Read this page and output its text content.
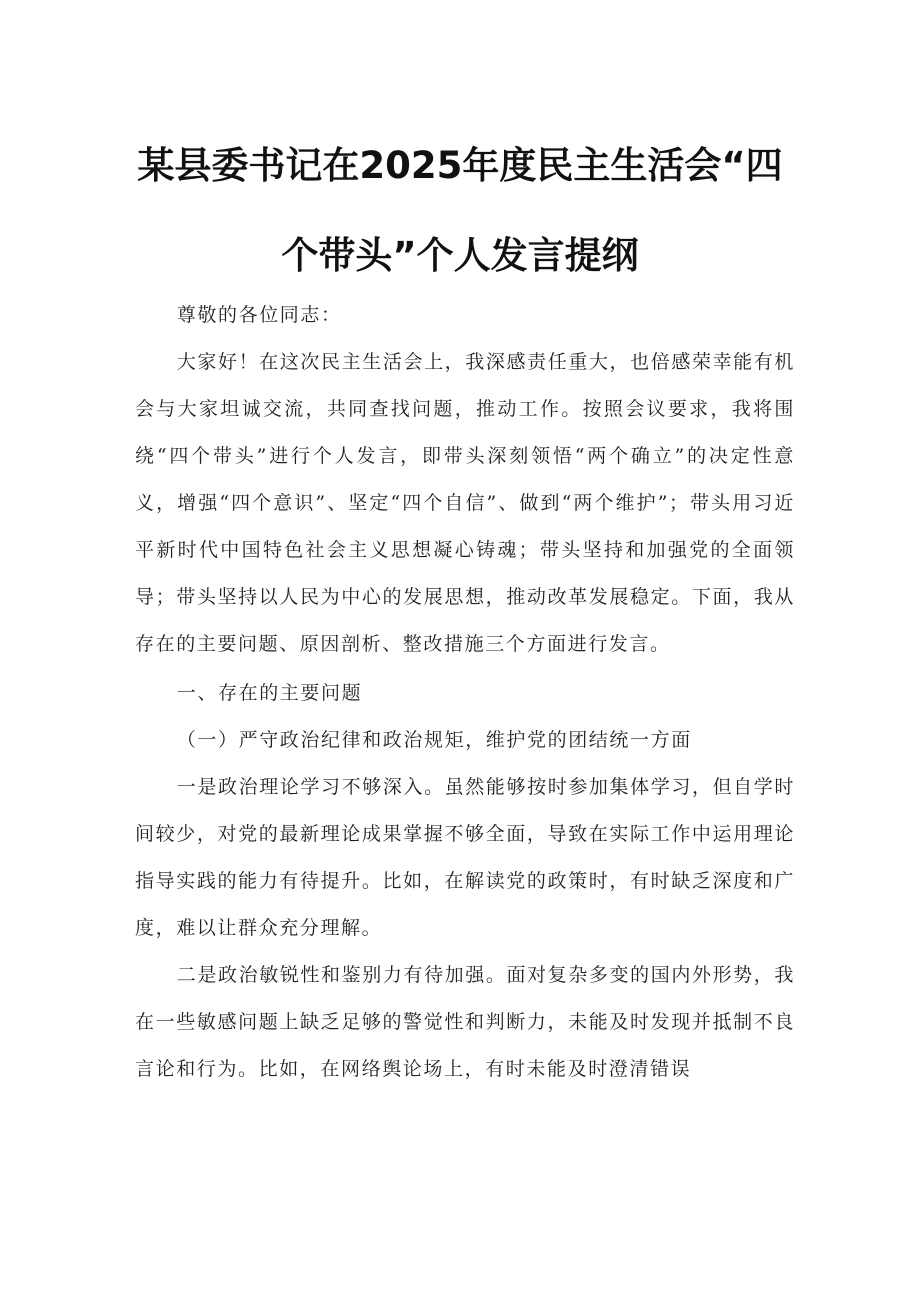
某县委书记在2025年度民主生活会“四
个带头”个人发言提纲

尊敬的各位同志：

大家好！在这次民主生活会上，我深感责任重大，也倍感荣幸能有机会与大家坦诚交流，共同查找问题，推动工作。按照会议要求，我将围绕“四个带头”进行个人发言，即带头深刻领悟“两个确立”的决定性意义，增强“四个意识”、坚定“四个自信”、做到“两个维护”；带头用习近平新时代中国特色社会主义思想凝心铸魂；带头坚持和加强党的全面领导；带头坚持以人民为中心的发展思想，推动改革发展稳定。下面，我从存在的主要问题、原因剖析、整改措施三个方面进行发言。

一、存在的主要问题

（一）严守政治纪律和政治规矩，维护党的团结统一方面

一是政治理论学习不够深入。虽然能够按时参加集体学习，但自学时间较少，对党的最新理论成果掌握不够全面，导致在实际工作中运用理论指导实践的能力有待提升。比如，在解读党的政策时，有时缺乏深度和广度，难以让群众充分理解。

二是政治敏锐性和鉴别力有待加强。面对复杂多变的国内外形势，我在一些敏感问题上缺乏足够的警觉性和判断力，未能及时发现并抵制不良言论和行为。比如，在网络舆论场上，有时未能及时澄清错误
